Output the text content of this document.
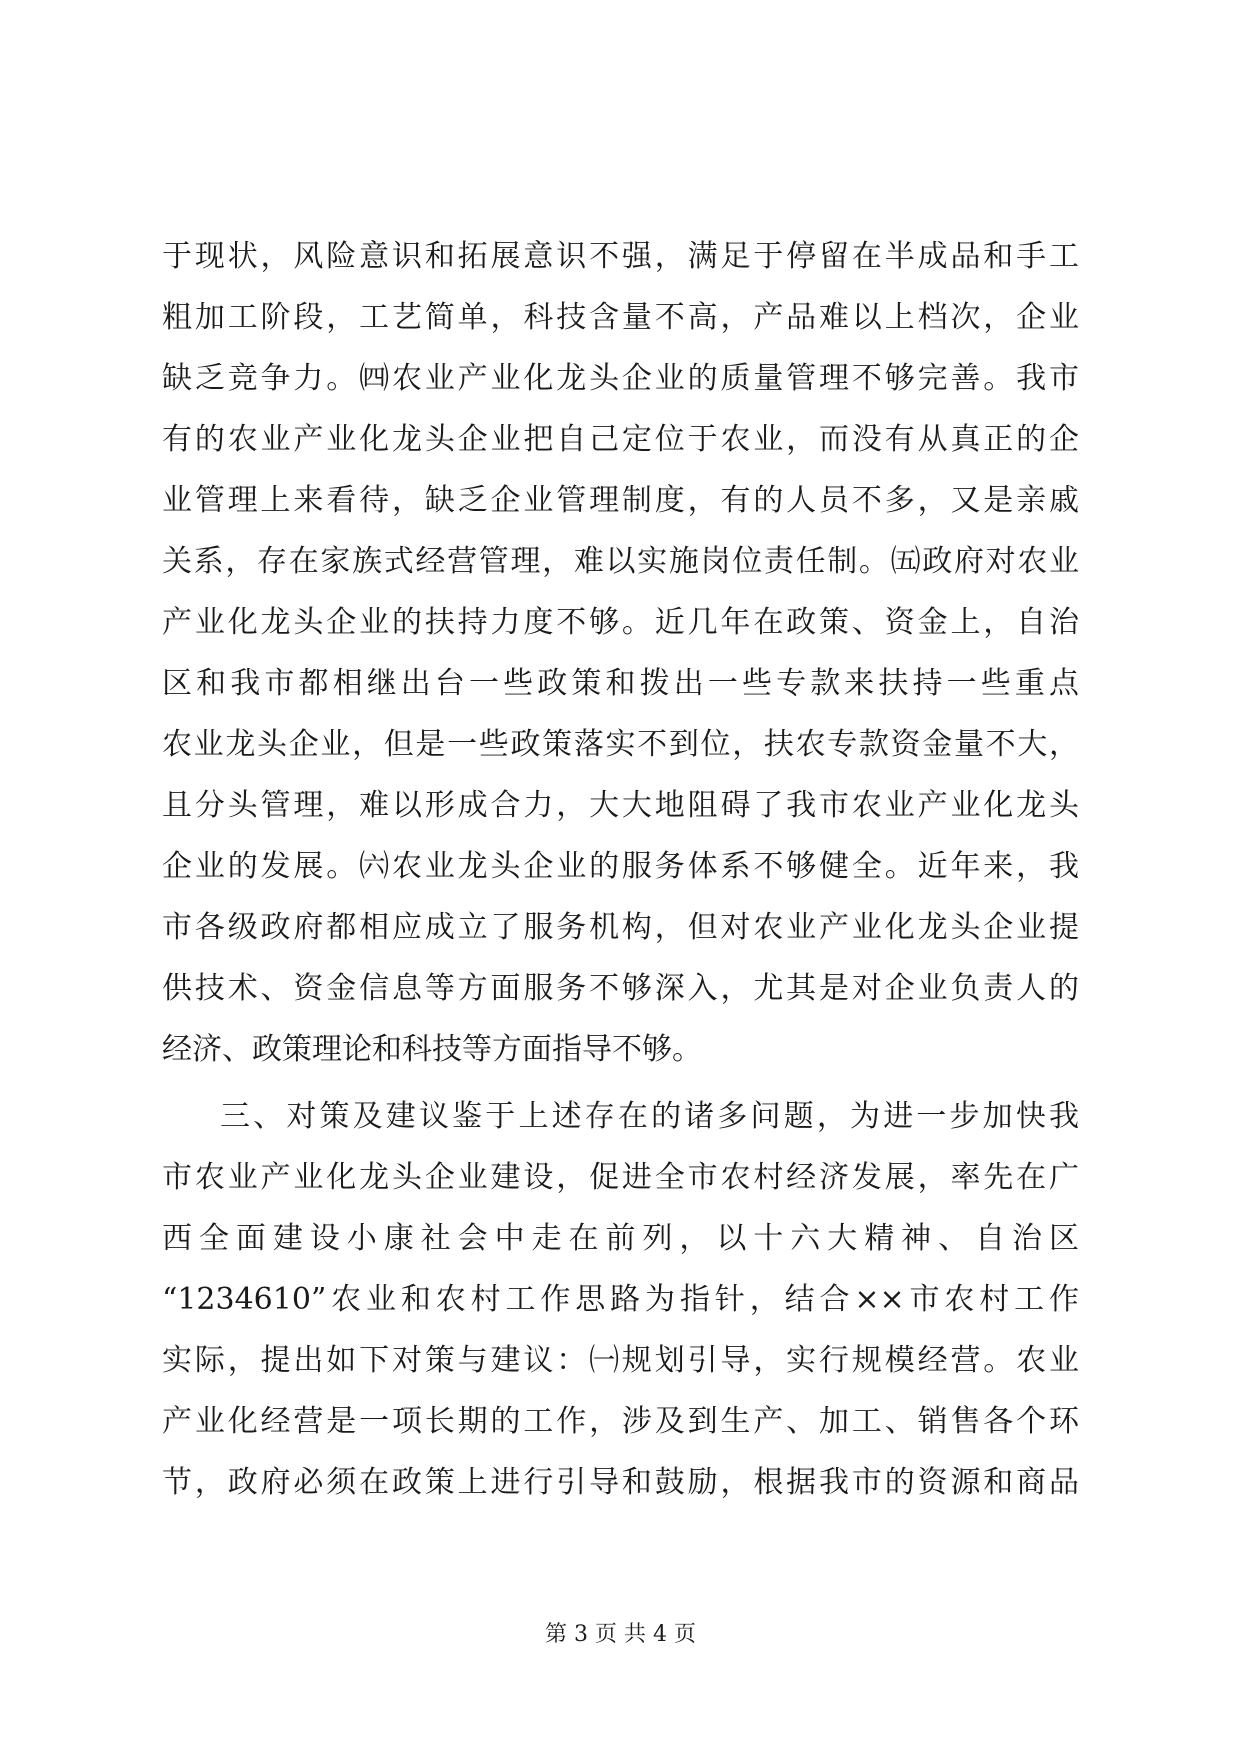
于现状，风险意识和拓展意识不强，满足于停留在半成品和手工
粗加工阶段，工艺简单，科技含量不高，产品难以上档次，企业
缺乏竞争力。㈣农业产业化龙头企业的质量管理不够完善。我市
有的农业产业化龙头企业把自己定位于农业，而没有从真正的企
业管理上来看待，缺乏企业管理制度，有的人员不多，又是亲戚
关系，存在家族式经营管理，难以实施岗位责任制。㈤政府对农业
产业化龙头企业的扶持力度不够。近几年在政策、资金上，自治
区和我市都相继出台一些政策和拨出一些专款来扶持一些重点
农业龙头企业，但是一些政策落实不到位，扶农专款资金量不大，
且分头管理，难以形成合力，大大地阻碍了我市农业产业化龙头
企业的发展。㈥农业龙头企业的服务体系不够健全。近年来，我
市各级政府都相应成立了服务机构，但对农业产业化龙头企业提
供技术、资金信息等方面服务不够深入，尤其是对企业负责人的
经济、政策理论和科技等方面指导不够。
三、对策及建议鉴于上述存在的诸多问题，为进一步加快我
市农业产业化龙头企业建设，促进全市农村经济发展，率先在广
西全面建设小康社会中走在前列，以十六大精神、自治区
“1234610”农业和农村工作思路为指针，结合××市农村工作
实际，提出如下对策与建议：㈠规划引导，实行规模经营。农业
产业化经营是一项长期的工作，涉及到生产、加工、销售各个环
节，政府必须在政策上进行引导和鼓励，根据我市的资源和商品
第 3 页 共 4 页
